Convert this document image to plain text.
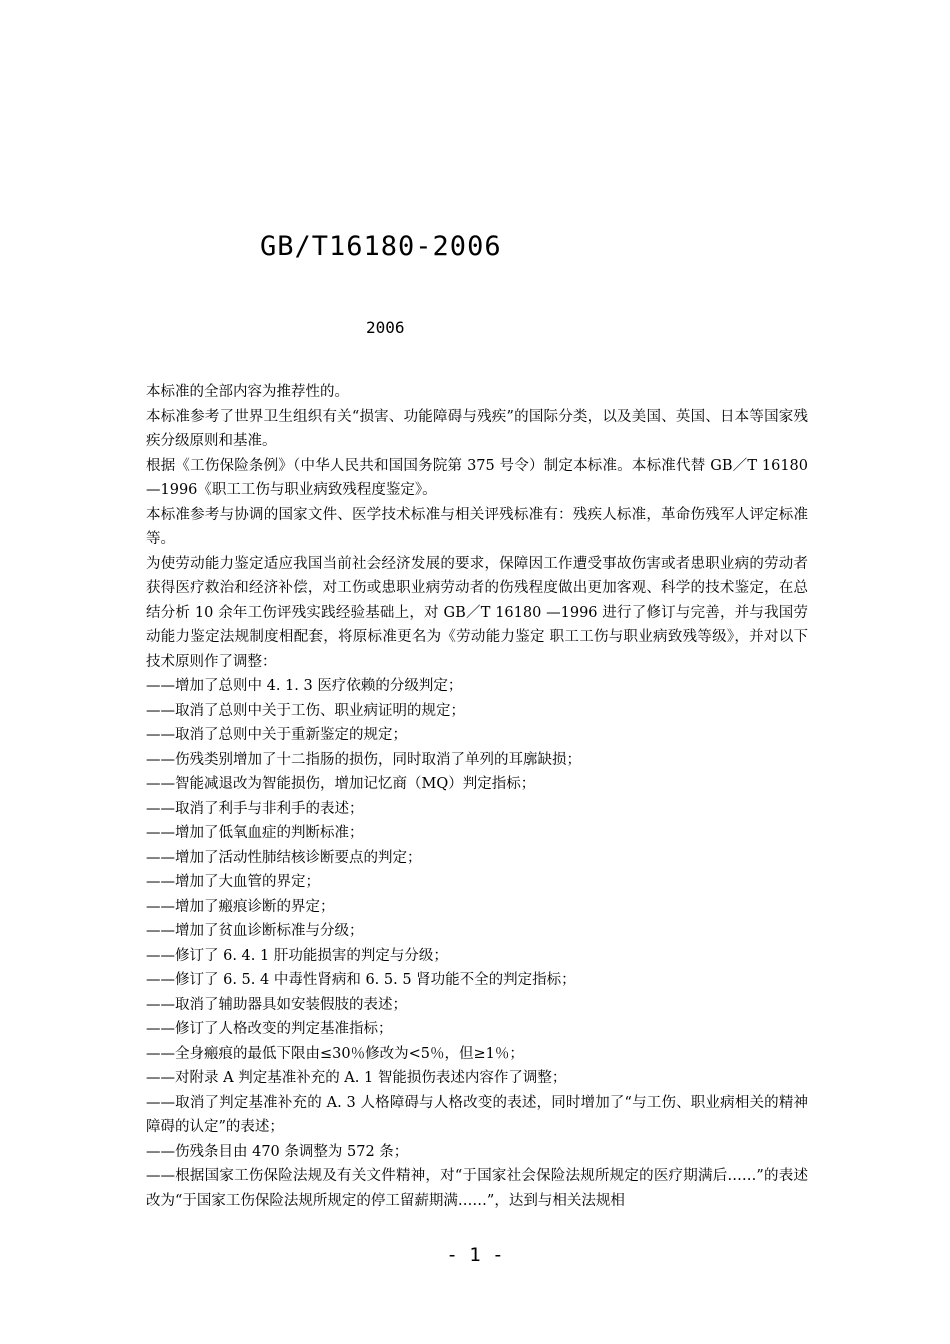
GB/T16180-2006
2006

本标准的全部内容为推荐性的。

本标准参考了世界卫生组织有关“损害、功能障碍与残疾”的国际分类，以及美国、英国、日本等国家残疾分级原则和基准。

根据《工伤保险条例》（中华人民共和国国务院第 375 号令）制定本标准。本标准代替 GB／T 16180 —1996《职工工伤与职业病致残程度鉴定》。

本标准参考与协调的国家文件、医学技术标准与相关评残标准有：残疾人标准，革命伤残军人评定标准等。

为使劳动能力鉴定适应我国当前社会经济发展的要求，保障因工作遭受事故伤害或者患职业病的劳动者获得医疗救治和经济补偿，对工伤或患职业病劳动者的伤残程度做出更加客观、科学的技术鉴定，在总结分析 10 余年工伤评残实践经验基础上，对 GB／T 16180 —1996 进行了修订与完善，并与我国劳动能力鉴定法规制度相配套，将原标准更名为《劳动能力鉴定 职工工伤与职业病致残等级》，并对以下技术原则作了调整：

——增加了总则中 4. 1. 3 医疗依赖的分级判定；

——取消了总则中关于工伤、职业病证明的规定；

——取消了总则中关于重新鉴定的规定；

——伤残类别增加了十二指肠的损伤，同时取消了单列的耳廓缺损；

——智能减退改为智能损伤，增加记忆商（MQ）判定指标；

——取消了利手与非利手的表述；

——增加了低氧血症的判断标准；

——增加了活动性肺结核诊断要点的判定；

——增加了大血管的界定；

——增加了瘢痕诊断的界定；

——增加了贫血诊断标准与分级；

——修订了 6. 4. 1 肝功能损害的判定与分级；

——修订了 6. 5. 4 中毒性肾病和 6. 5. 5 肾功能不全的判定指标；

——取消了辅助器具如安装假肢的表述；

——修订了人格改变的判定基准指标；

——全身瘢痕的最低下限由≤30％修改为<5％，但≥1％；

——对附录 A 判定基准补充的 A. 1 智能损伤表述内容作了调整；

——取消了判定基准补充的 A. 3 人格障碍与人格改变的表述，同时增加了“与工伤、职业病相关的精神障碍的认定”的表述；

——伤残条目由 470 条调整为 572 条；

——根据国家工伤保险法规及有关文件精神，对“于国家社会保险法规所规定的医疗期满后……”的表述改为“于国家工伤保险法规所规定的停工留薪期满……”，达到与相关法规相

- 1 -
